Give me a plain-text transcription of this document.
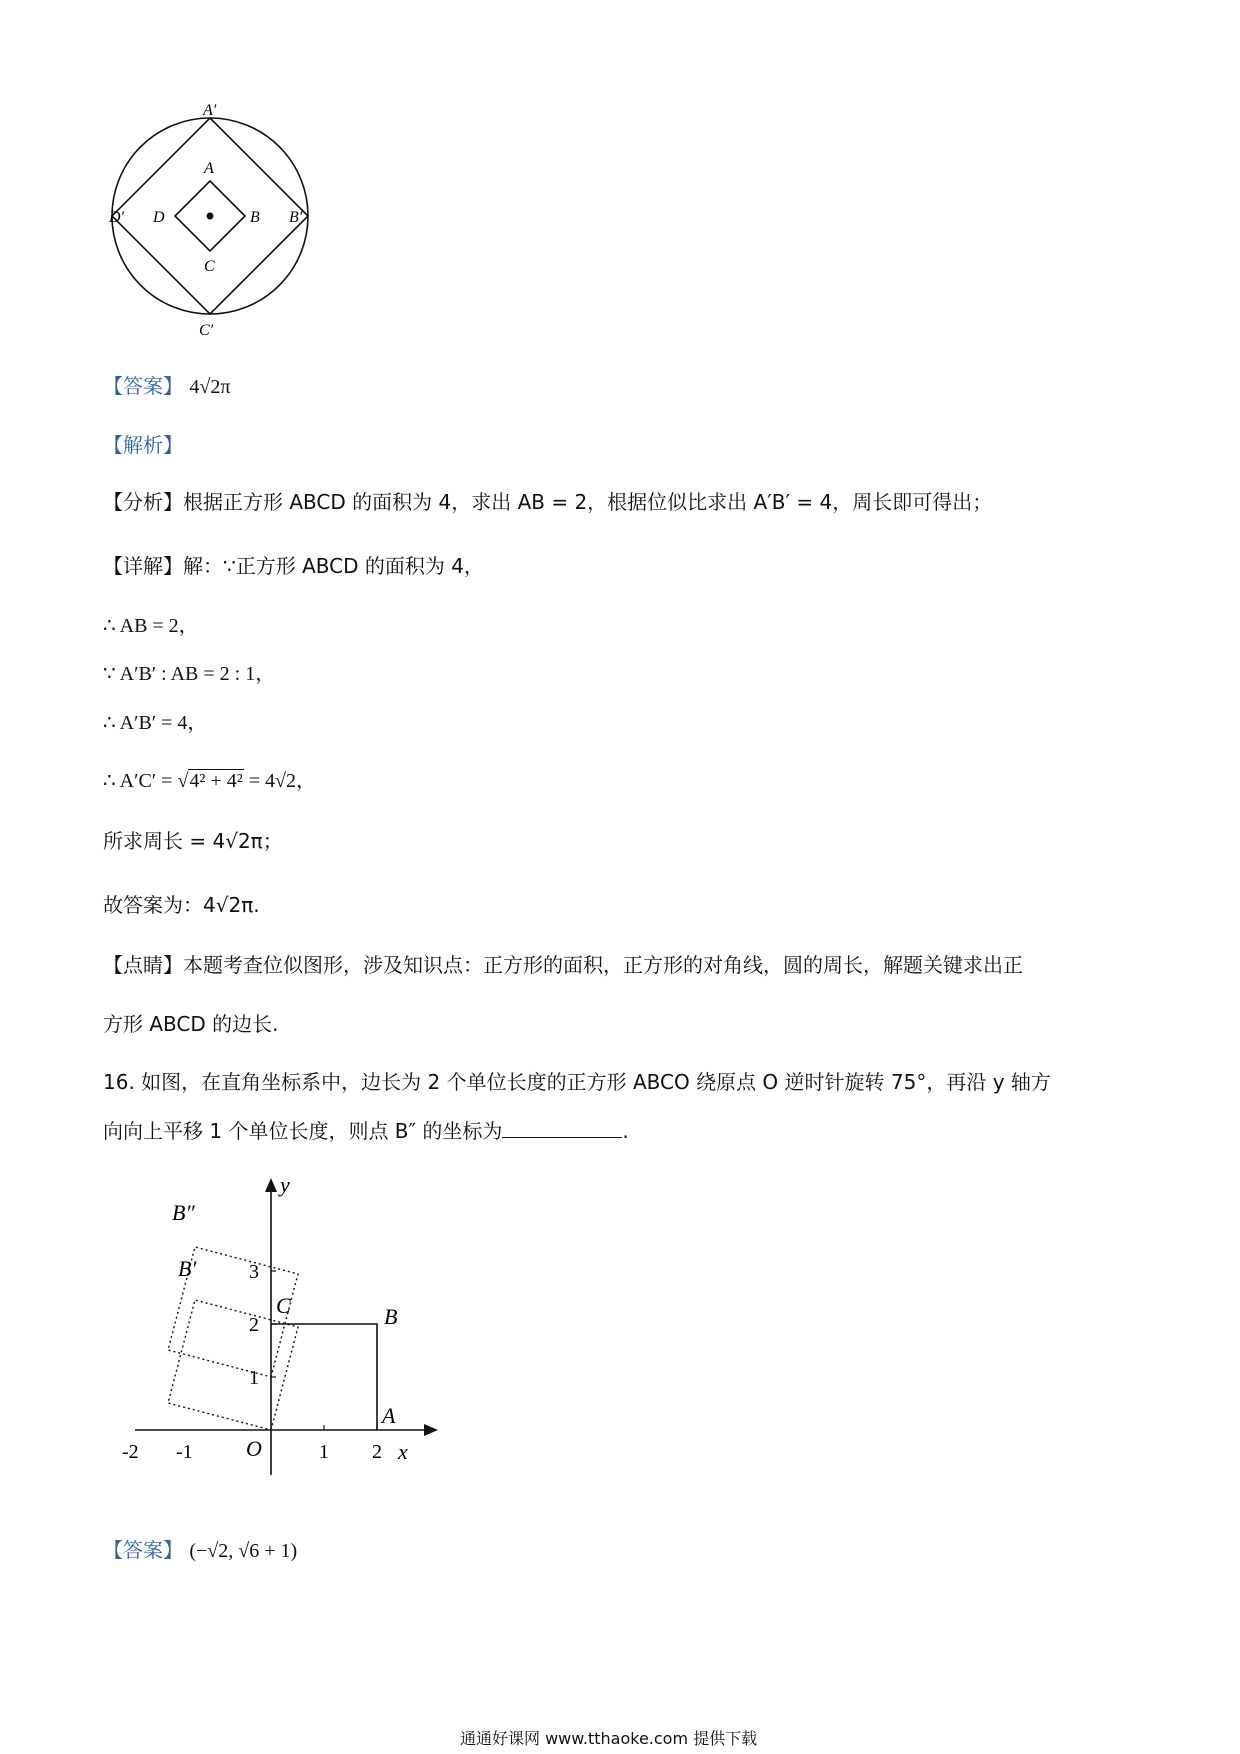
A′
A
D′ D	B B′
C
C′
【答案】 4√2π
【解析】
【分析】根据正方形 ABCD 的面积为 4，求出 AB = 2，根据位似比求出 A′B′ = 4，周长即可得出；
【详解】解：∵正方形 ABCD 的面积为 4，
∴ AB = 2，
∵ A′B′ : AB = 2 : 1，
∴ A′B′ = 4，
∴ A′C′ = √4² + 4² = 4√2，
所求周长 = 4√2π；
故答案为：4√2π.
【点睛】本题考查位似图形，涉及知识点：正方形的面积，正方形的对角线，圆的周长，解题关键求出正
方形 ABCD 的边长.
16. 如图，在直角坐标系中，边长为 2 个单位长度的正方形 ABCO 绕原点 O 逆时针旋转 75°，再沿 y 轴方
向向上平移 1 个单位长度，则点 B″ 的坐标为	.
y
x
B″
B′
C	B
A
O
3
2
1
-2 -1	1 2
【答案】 (−√2, √6 + 1)
通通好课网 www.tthaoke.com 提供下载
